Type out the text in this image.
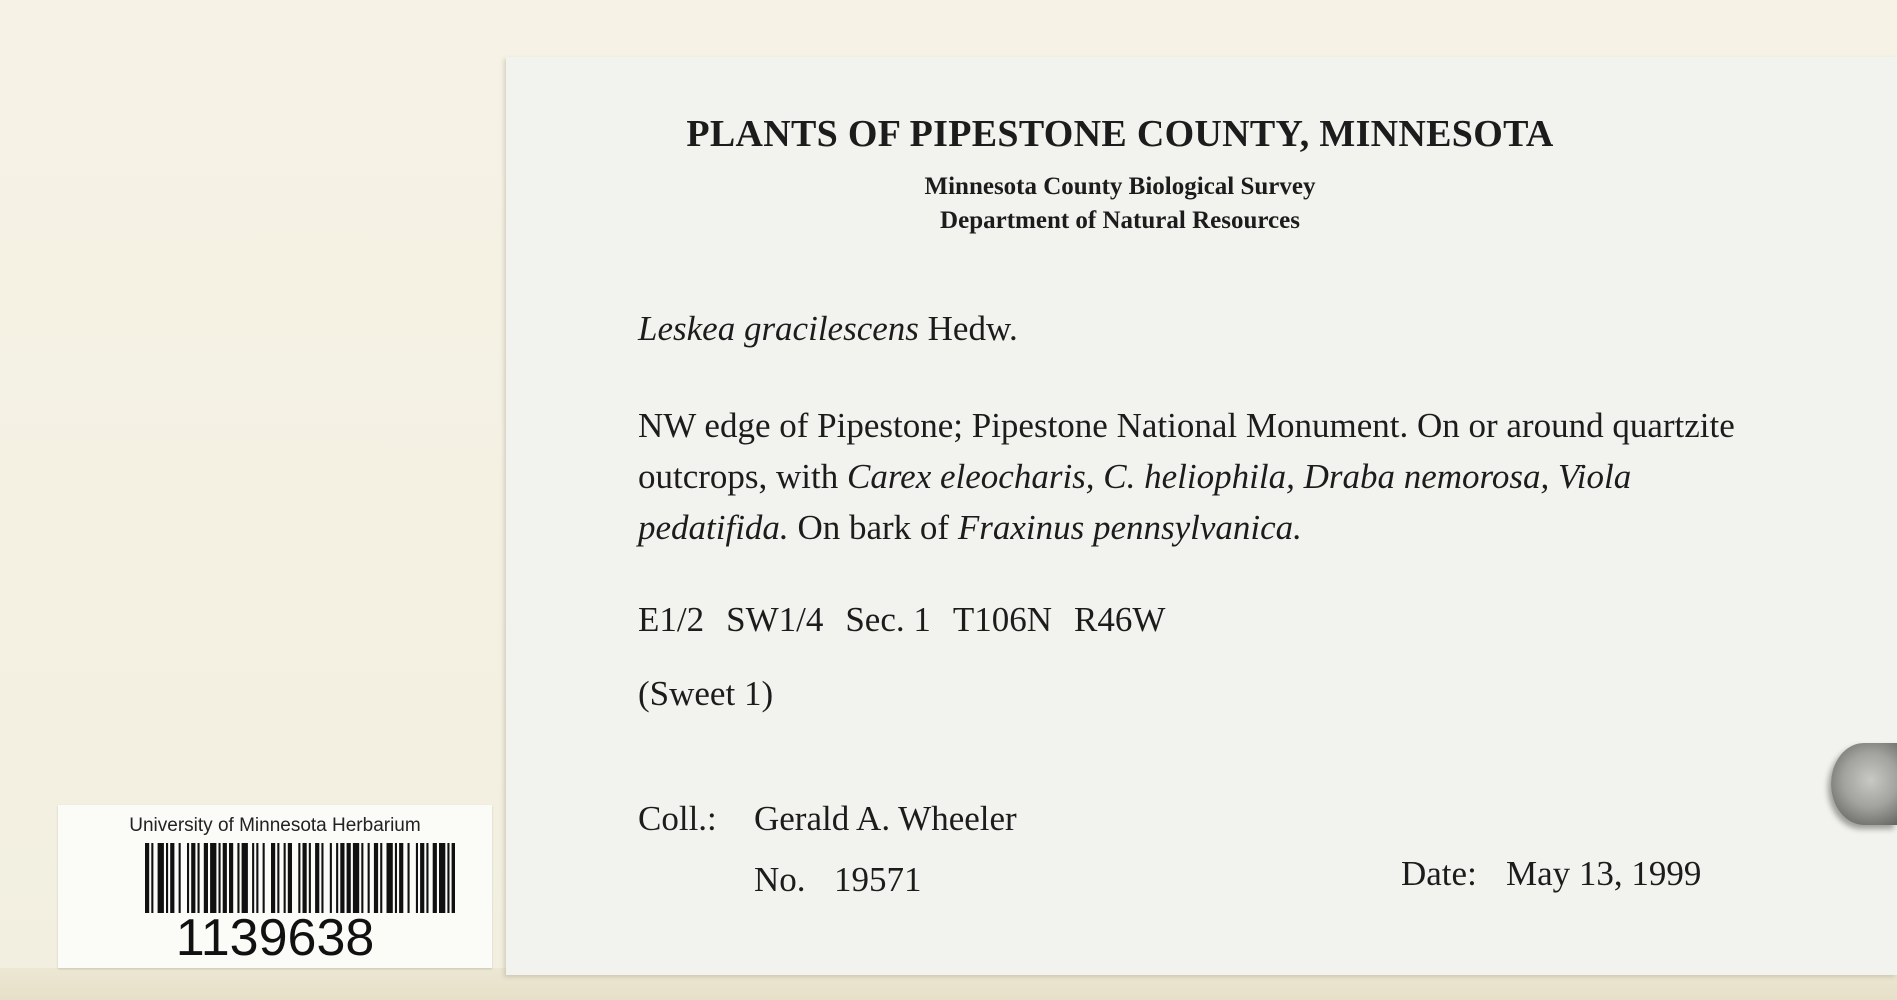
PLANTS OF PIPESTONE COUNTY, MINNESOTA
Minnesota County Biological Survey
Department of Natural Resources
Leskea gracilescens Hedw.
NW edge of Pipestone; Pipestone National Monument. On or around quartzite outcrops, with Carex eleocharis, C. heliophila, Draba nemorosa, Viola pedatifida. On bark of Fraxinus pennsylvanica.
E1/2 SW1/4 Sec. 1 T106N R46W
(Sweet 1)
Coll.: Gerald A. Wheeler
No. 19571	Date: May 13, 1999
University of Minnesota Herbarium
1139638
